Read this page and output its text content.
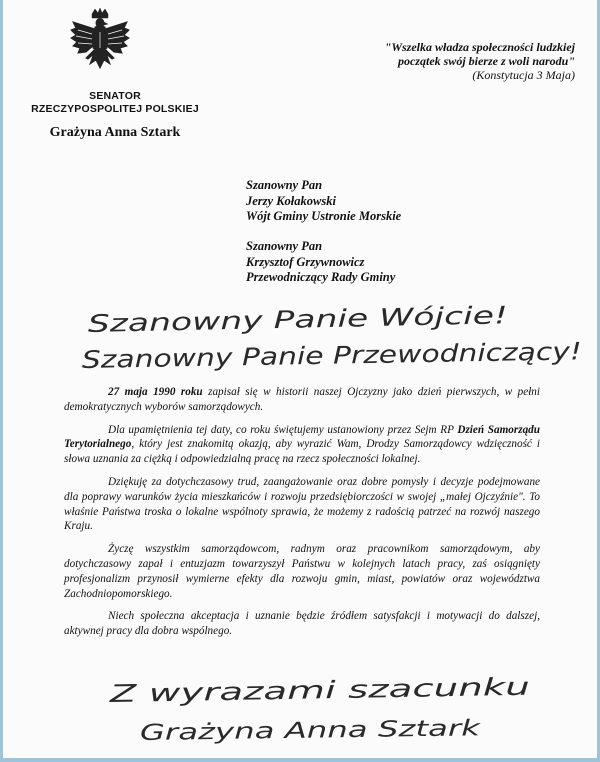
SENATOR
RZECZYPOSPOLITEJ POLSKIEJ
Grażyna Anna Sztark
"Wszelka władza społeczności ludzkiej
początek swój bierze z woli narodu"
(Konstytucja 3 Maja)
Szanowny Pan
Jerzy Kołakowski
Wójt Gminy Ustronie Morskie
Szanowny Pan
Krzysztof Grzywnowicz
Przewodniczący Rady Gminy
Szanowny Panie Wójcie!
Szanowny Panie Przewodniczący!

27 maja 1990 roku zapisał się w historii naszej Ojczyzny jako dzień pierwszych, w pełni demokratycznych wyborów samorządowych.

Dla upamiętnienia tej daty, co roku świętujemy ustanowiony przez Sejm RP Dzień Samorządu Terytorialnego, który jest znakomitą okazją, aby wyrazić Wam, Drodzy Samorządowcy wdzięczność i słowa uznania za ciężką i odpowiedzialną pracę na rzecz społeczności lokalnej.

Dziękuję za dotychczasowy trud, zaangażowanie oraz dobre pomysły i decyzje podejmowane dla poprawy warunków życia mieszkańców i rozwoju przedsiębiorczości w swojej „małej Ojczyźnie". To właśnie Państwa troska o lokalne wspólnoty sprawia, że możemy z radością patrzeć na rozwój naszego Kraju.

Życzę wszystkim samorządowcom, radnym oraz pracownikom samorządowym, aby dotychczasowy zapał i entuzjazm towarzyszył Państwu w kolejnych latach pracy, zaś osiągnięty profesjonalizm przynosił wymierne efekty dla rozwoju gmin, miast, powiatów oraz województwa Zachodniopomorskiego.

Niech społeczna akceptacja i uznanie będzie źródłem satysfakcji i motywacji do dalszej, aktywnej pracy dla dobra wspólnego.

Z wyrazami szacunku
Grażyna Anna Sztark
